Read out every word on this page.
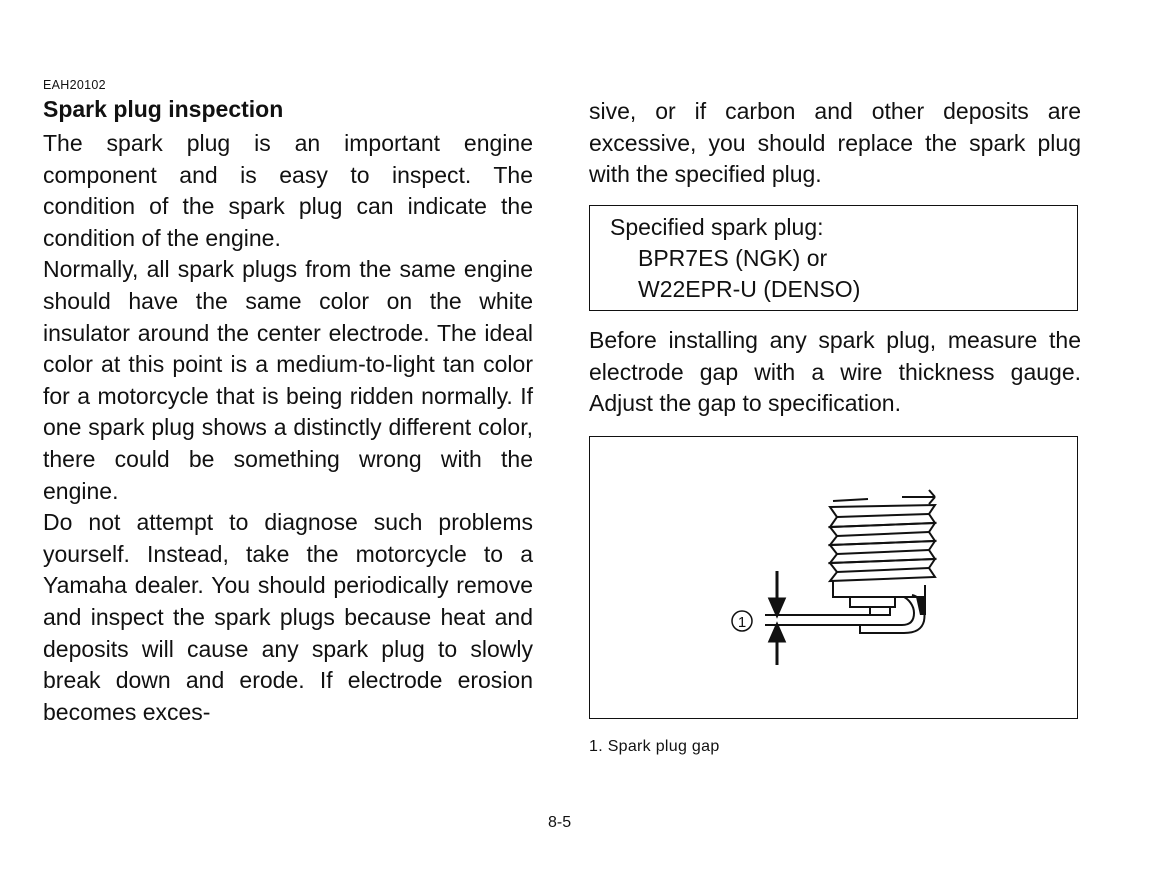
EAH20102
Spark plug inspection

The spark plug is an important engine component and is easy to inspect. The condition of the spark plug can indicate the condition of the engine.

Normally, all spark plugs from the same engine should have the same color on the white insulator around the center electrode. The ideal color at this point is a medium-to-light tan color for a motorcycle that is being ridden normally. If one spark plug shows a distinctly different color, there could be something wrong with the engine.

Do not attempt to diagnose such problems yourself. Instead, take the motorcycle to a Yamaha dealer. You should periodically remove and inspect the spark plugs because heat and deposits will cause any spark plug to slowly break down and erode. If electrode erosion becomes exces-

sive, or if carbon and other deposits are excessive, you should replace the spark plug with the specified plug.

Specified spark plug:
BPR7ES (NGK) or
W22EPR-U (DENSO)

Before installing any spark plug, measure the electrode gap with a wire thickness gauge. Adjust the gap to specification.

1
1. Spark plug gap
8-5
